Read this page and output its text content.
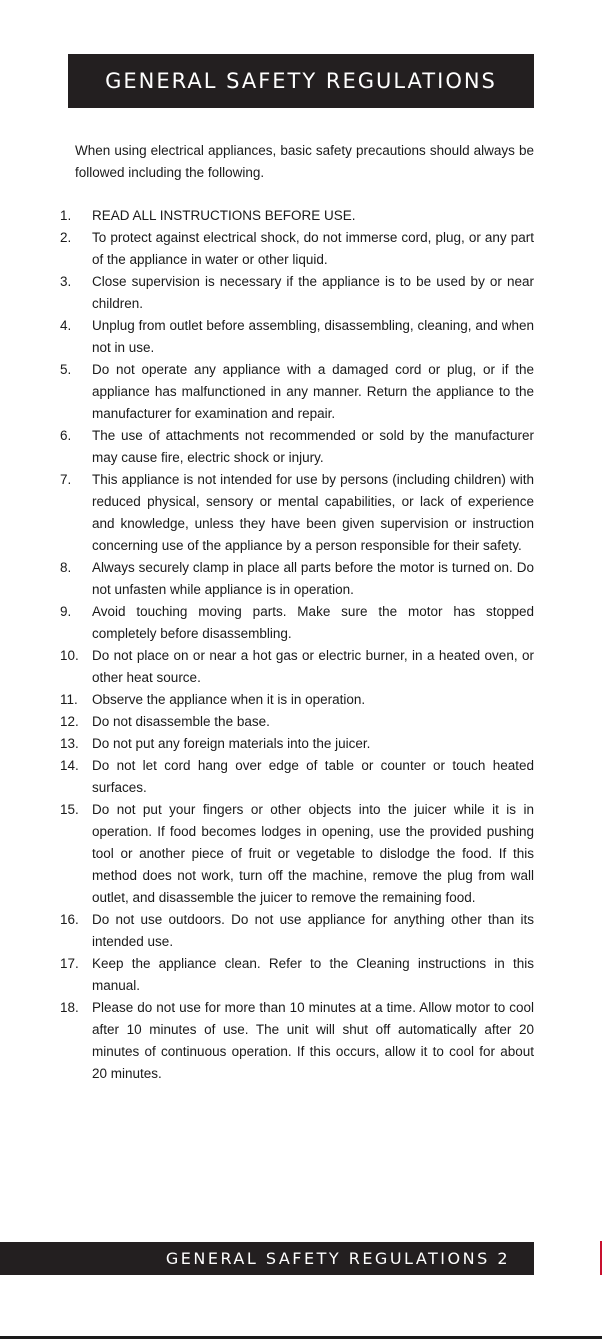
GENERAL SAFETY REGULATIONS

When using electrical appliances, basic safety precautions should always be followed including the following.

1.	READ ALL INSTRUCTIONS BEFORE USE.
2.	To protect against electrical shock, do not immerse cord, plug, or any part of the appliance in water or other liquid.
3.	Close supervision is necessary if the appliance is to be used by or near children.
4.	Unplug from outlet before assembling, disassembling, cleaning, and when not in use.
5.	Do not operate any appliance with a damaged cord or plug, or if the appliance has malfunctioned in any manner. Return the appliance to the manufacturer for examination and repair.
6.	The use of attachments not recommended or sold by the manufacturer may cause fire, electric shock or injury.
7.	This appliance is not intended for use by persons (including children) with reduced physical, sensory or mental capabilities, or lack of experience and knowledge, unless they have been given supervision or instruction concerning use of the appliance by a person responsible for their safety.
8.	Always securely clamp in place all parts before the motor is turned on. Do not unfasten while appliance is in operation.
9.	Avoid touching moving parts. Make sure the motor has stopped completely before disassembling.
10. Do not place on or near a hot gas or electric burner, in a heated oven, or other heat source.
11.	Observe the appliance when it is in operation.
12. Do not disassemble the base.
13. Do not put any foreign materials into the juicer.
14. Do not let cord hang over edge of table or counter or touch heated surfaces.
15. Do not put your fingers or other objects into the juicer while it is in operation. If food becomes lodges in opening, use the provided pushing tool or another piece of fruit or vegetable to dislodge the food. If this method does not work, turn off the machine, remove the plug from wall outlet, and disassemble the juicer to remove the remaining food.
16. Do not use outdoors. Do not use appliance for anything other than its intended use.
17. Keep the appliance clean. Refer to the Cleaning instructions in this manual.
18. Please do not use for more than 10 minutes at a time. Allow motor to cool after 10 minutes of use. The unit will shut off automatically after 20 minutes of continuous operation. If this occurs, allow it to cool for about 20 minutes.
GENERAL SAFETY REGULATIONS 2
